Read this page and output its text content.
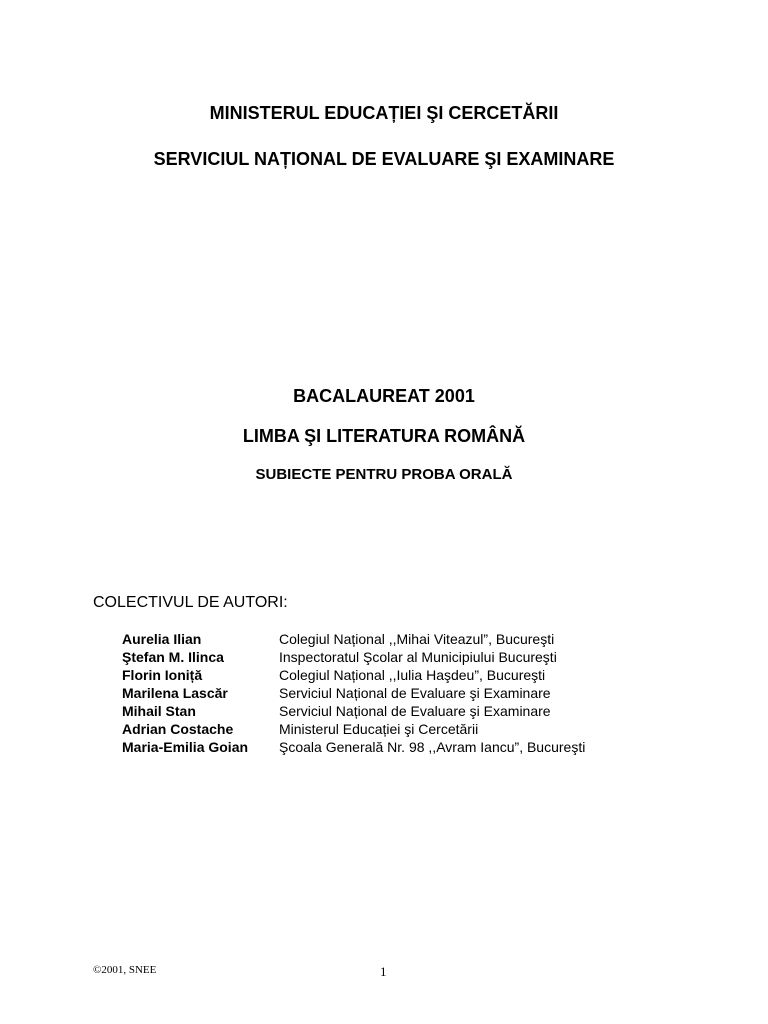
MINISTERUL EDUCAȚIEI ŞI CERCETĂRII

SERVICIUL NAȚIONAL DE EVALUARE ŞI EXAMINARE

BACALAUREAT 2001

LIMBA ŞI LITERATURA ROMÂNĂ

SUBIECTE PENTRU PROBA ORALĂ

COLECTIVUL DE AUTORI:

Aurelia Ilian	Colegiul Național ,,Mihai Viteazul”, Bucureşti
Ştefan M. Ilinca	Inspectoratul Şcolar al Municipiului Bucureşti
Florin Ioniță	Colegiul Național ,,Iulia Haşdeu”, Bucureşti
Marilena Lascăr	Serviciul Național de Evaluare şi Examinare
Mihail Stan	Serviciul Național de Evaluare şi Examinare
Adrian Costache	Ministerul Educației şi Cercetării
Maria-Emilia Goian	Şcoala Generală Nr. 98 ,,Avram Iancu”, Bucureşti
©2001, SNEE	1
